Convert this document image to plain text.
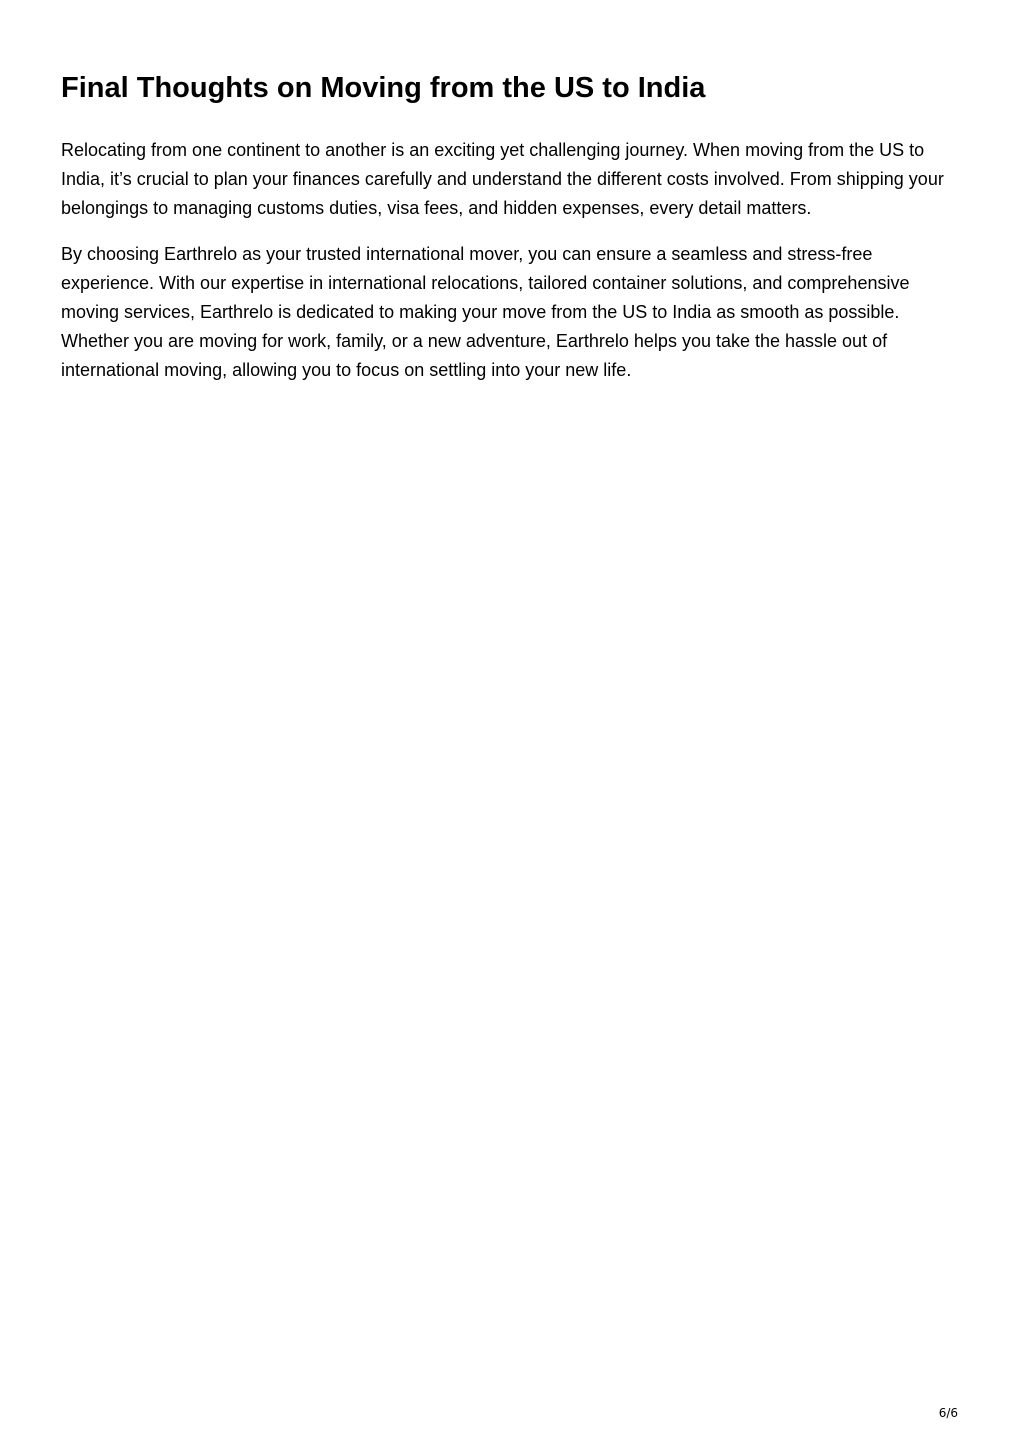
Final Thoughts on Moving from the US to India

Relocating from one continent to another is an exciting yet challenging journey. When moving from the US to India, it’s crucial to plan your finances carefully and understand the different costs involved. From shipping your belongings to managing customs duties, visa fees, and hidden expenses, every detail matters.

By choosing Earthrelo as your trusted international mover, you can ensure a seamless and stress-free experience. With our expertise in international relocations, tailored container solutions, and comprehensive moving services, Earthrelo is dedicated to making your move from the US to India as smooth as possible. Whether you are moving for work, family, or a new adventure, Earthrelo helps you take the hassle out of international moving, allowing you to focus on settling into your new life.

6/6
